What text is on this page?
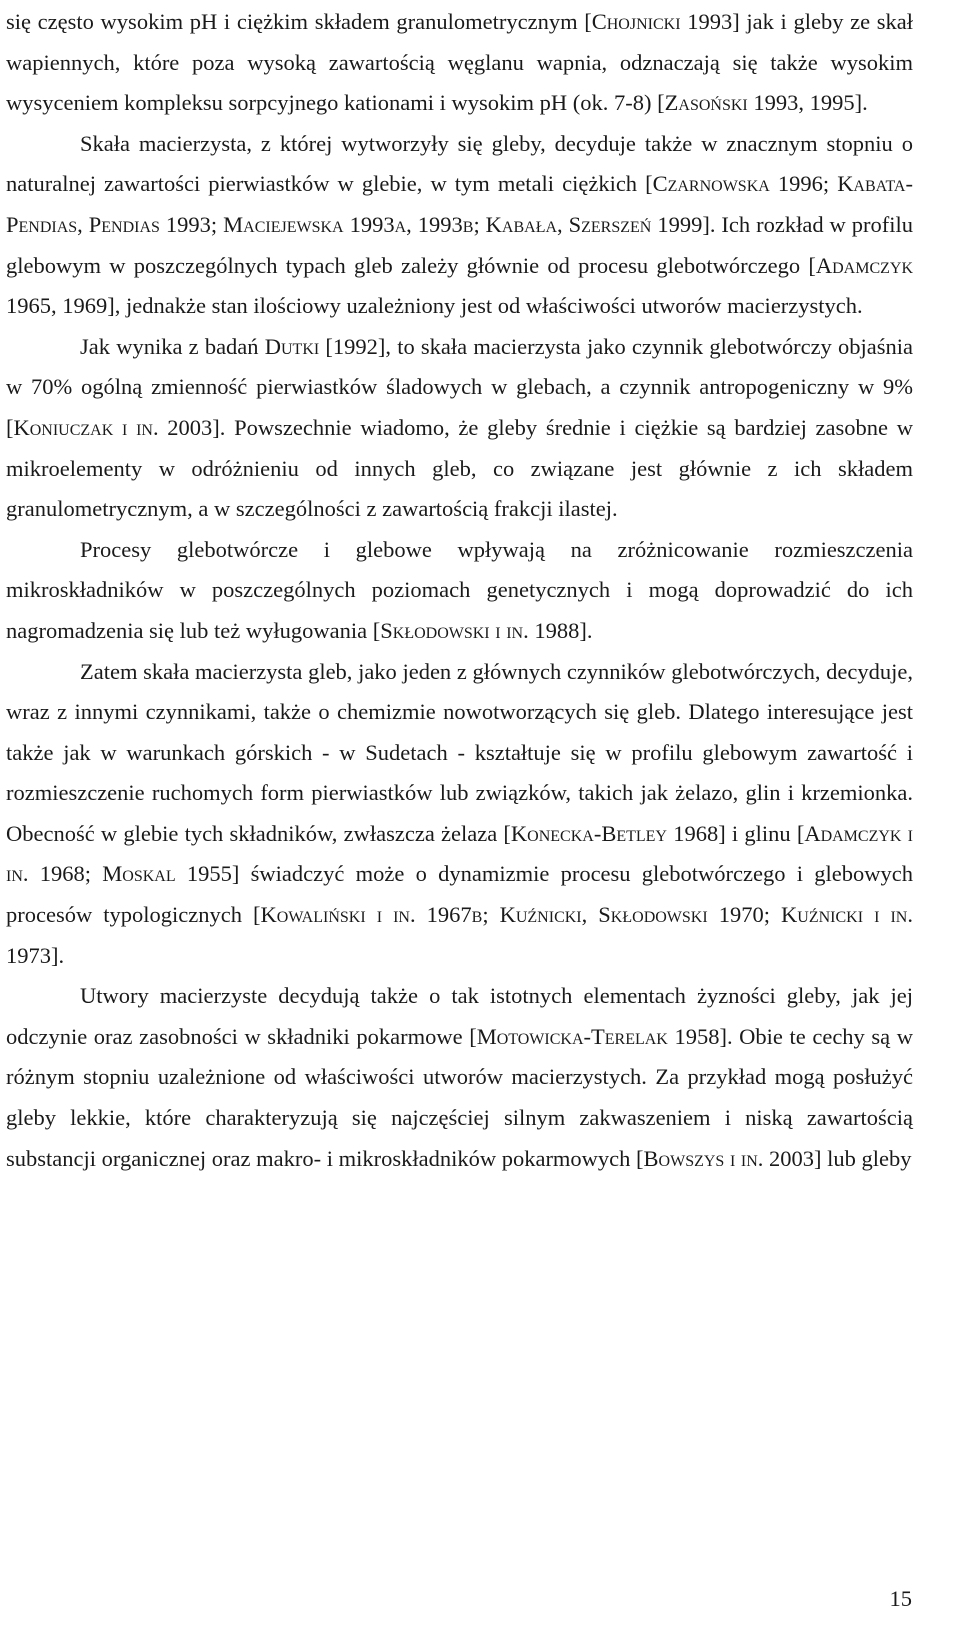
się często wysokim pH i ciężkim składem granulometrycznym [Chojnicki 1993] jak i gleby ze skał wapiennych, które poza wysoką zawartością węglanu wapnia, odznaczają się także wysokim wysyceniem kompleksu sorpcyjnego kationami i wysokim pH (ok. 7-8) [Zasoński 1993, 1995].

Skała macierzysta, z której wytworzyły się gleby, decyduje także w znacznym stopniu o naturalnej zawartości pierwiastków w glebie, w tym metali ciężkich [Czarnowska 1996; Kabata-Pendias, Pendias 1993; Maciejewska 1993a, 1993b; Kabała, Szerszeń 1999]. Ich rozkład w profilu glebowym w poszczególnych typach gleb zależy głównie od procesu glebotwórczego [Adamczyk 1965, 1969], jednakże stan ilościowy uzależniony jest od właściwości utworów macierzystych.

Jak wynika z badań Dutki [1992], to skała macierzysta jako czynnik glebotwórczy objaśnia w 70% ogólną zmienność pierwiastków śladowych w glebach, a czynnik antropogeniczny w 9% [Koniuczak i in. 2003]. Powszechnie wiadomo, że gleby średnie i ciężkie są bardziej zasobne w mikroelementy w odróżnieniu od innych gleb, co związane jest głównie z ich składem granulometrycznym, a w szczególności z zawartością frakcji ilastej.

Procesy glebotwórcze i glebowe wpływają na zróżnicowanie rozmieszczenia mikroskładników w poszczególnych poziomach genetycznych i mogą doprowadzić do ich nagromadzenia się lub też wyługowania [Skłodowski i in. 1988].

Zatem skała macierzysta gleb, jako jeden z głównych czynników glebotwórczych, decyduje, wraz z innymi czynnikami, także o chemizmie nowotworzących się gleb. Dlatego interesujące jest także jak w warunkach górskich - w Sudetach - kształtuje się w profilu glebowym zawartość i rozmieszczenie ruchomych form pierwiastków lub związków, takich jak żelazo, glin i krzemionka. Obecność w glebie tych składników, zwłaszcza żelaza [Konecka-Betley 1968] i glinu [Adamczyk i in. 1968; Moskal 1955] świadczyć może o dynamizmie procesu glebotwórczego i glebowych procesów typologicznych [Kowaliński i in. 1967b; Kuźnicki, Skłodowski 1970; Kuźnicki i in. 1973].

Utwory macierzyste decydują także o tak istotnych elementach żyzności gleby, jak jej odczynie oraz zasobności w składniki pokarmowe [Motowicka-Terelak 1958]. Obie te cechy są w różnym stopniu uzależnione od właściwości utworów macierzystych. Za przykład mogą posłużyć gleby lekkie, które charakteryzują się najczęściej silnym zakwaszeniem i niską zawartością substancji organicznej oraz makro- i mikroskładników pokarmowych [Bowszys i in. 2003] lub gleby

15
